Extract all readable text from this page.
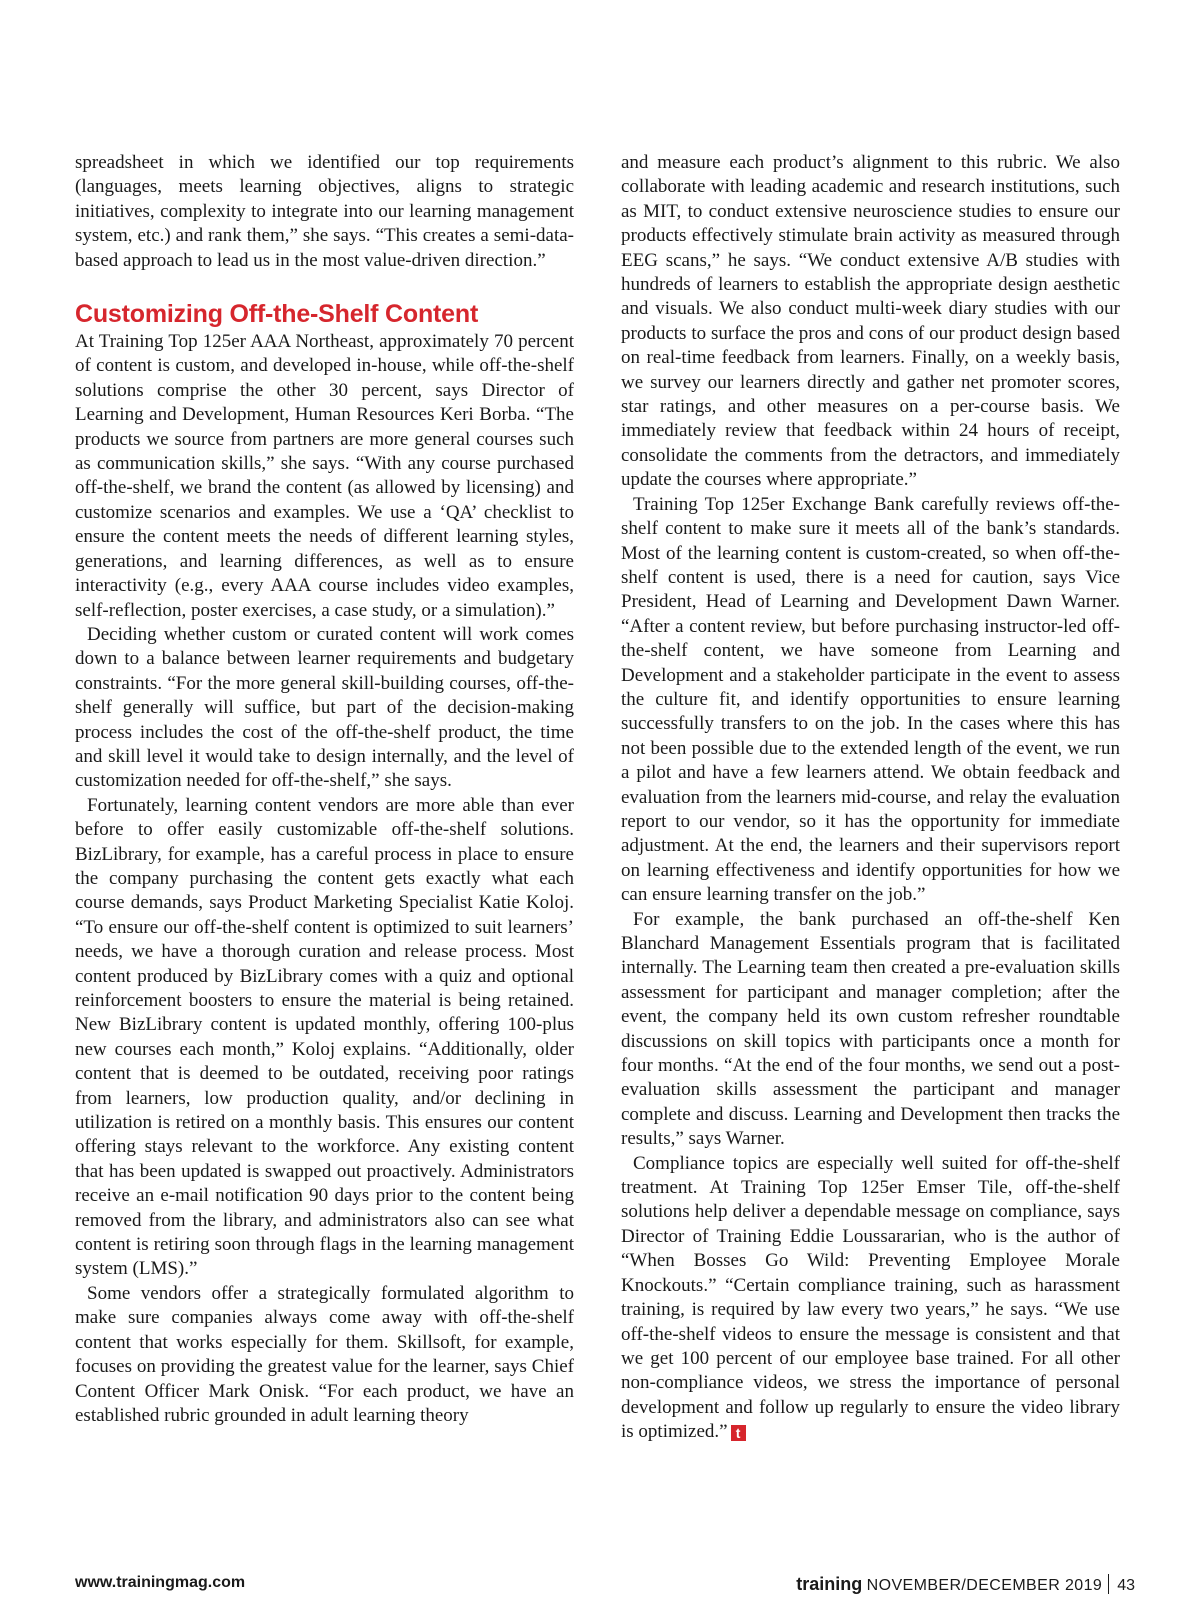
spreadsheet in which we identified our top requirements (languages, meets learning objectives, aligns to strategic initiatives, complexity to integrate into our learning management system, etc.) and rank them,” she says. “This creates a semi-data-based approach to lead us in the most value-driven direction.”

Customizing Off-the-Shelf Content

At Training Top 125er AAA Northeast, approximately 70 percent of content is custom, and developed in-house, while off-the-shelf solutions comprise the other 30 percent, says Director of Learning and Development, Human Resources Keri Borba. “The products we source from partners are more general courses such as communication skills,” she says. “With any course purchased off-the-shelf, we brand the content (as allowed by licensing) and customize scenarios and examples. We use a ‘QA’ checklist to ensure the content meets the needs of different learning styles, generations, and learning differences, as well as to ensure interactivity (e.g., every AAA course includes video examples, self-reflection, poster exercises, a case study, or a simulation).”

Deciding whether custom or curated content will work comes down to a balance between learner requirements and budgetary constraints. “For the more general skill-building courses, off-the-shelf generally will suffice, but part of the decision-making process includes the cost of the off-the-shelf product, the time and skill level it would take to design internally, and the level of customization needed for off-the-shelf,” she says.

Fortunately, learning content vendors are more able than ever before to offer easily customizable off-the-shelf solutions. BizLibrary, for example, has a careful process in place to ensure the company purchasing the content gets exactly what each course demands, says Product Marketing Specialist Katie Koloj. “To ensure our off-the-shelf content is optimized to suit learners’ needs, we have a thorough curation and release process. Most content produced by BizLibrary comes with a quiz and optional reinforcement boosters to ensure the material is being retained. New BizLibrary content is updated monthly, offering 100-plus new courses each month,” Koloj explains. “Additionally, older content that is deemed to be outdated, receiving poor ratings from learners, low production quality, and/or declining in utilization is retired on a monthly basis. This ensures our content offering stays relevant to the workforce. Any existing content that has been updated is swapped out proactively. Administrators receive an e-mail notification 90 days prior to the content being removed from the library, and administrators also can see what content is retiring soon through flags in the learning management system (LMS).”

Some vendors offer a strategically formulated algorithm to make sure companies always come away with off-the-shelf content that works especially for them. Skillsoft, for example, focuses on providing the greatest value for the learner, says Chief Content Officer Mark Onisk. “For each product, we have an established rubric grounded in adult learning theory

and measure each product’s alignment to this rubric. We also collaborate with leading academic and research institutions, such as MIT, to conduct extensive neuroscience studies to ensure our products effectively stimulate brain activity as measured through EEG scans,” he says. “We conduct extensive A/B studies with hundreds of learners to establish the appropriate design aesthetic and visuals. We also conduct multi-week diary studies with our products to surface the pros and cons of our product design based on real-time feedback from learners. Finally, on a weekly basis, we survey our learners directly and gather net promoter scores, star ratings, and other measures on a per-course basis. We immediately review that feedback within 24 hours of receipt, consolidate the comments from the detractors, and immediately update the courses where appropriate.”

Training Top 125er Exchange Bank carefully reviews off-the-shelf content to make sure it meets all of the bank’s standards. Most of the learning content is custom-created, so when off-the-shelf content is used, there is a need for caution, says Vice President, Head of Learning and Development Dawn Warner. “After a content review, but before purchasing instructor-led off-the-shelf content, we have someone from Learning and Development and a stakeholder participate in the event to assess the culture fit, and identify opportunities to ensure learning successfully transfers to on the job. In the cases where this has not been possible due to the extended length of the event, we run a pilot and have a few learners attend. We obtain feedback and evaluation from the learners mid-course, and relay the evaluation report to our vendor, so it has the opportunity for immediate adjustment. At the end, the learners and their supervisors report on learning effectiveness and identify opportunities for how we can ensure learning transfer on the job.”

For example, the bank purchased an off-the-shelf Ken Blanchard Management Essentials program that is facilitated internally. The Learning team then created a pre-evaluation skills assessment for participant and manager completion; after the event, the company held its own custom refresher roundtable discussions on skill topics with participants once a month for four months. “At the end of the four months, we send out a post-evaluation skills assessment the participant and manager complete and discuss. Learning and Development then tracks the results,” says Warner.

Compliance topics are especially well suited for off-the-shelf treatment. At Training Top 125er Emser Tile, off-the-shelf solutions help deliver a dependable message on compliance, says Director of Training Eddie Loussararian, who is the author of “When Bosses Go Wild: Preventing Employee Morale Knockouts.” “Certain compliance training, such as harassment training, is required by law every two years,” he says. “We use off-the-shelf videos to ensure the message is consistent and that we get 100 percent of our employee base trained. For all other non-compliance videos, we stress the importance of personal development and follow up regularly to ensure the video library is optimized.” t

www.trainingmag.com	training NOVEMBER/DECEMBER 2019 43
